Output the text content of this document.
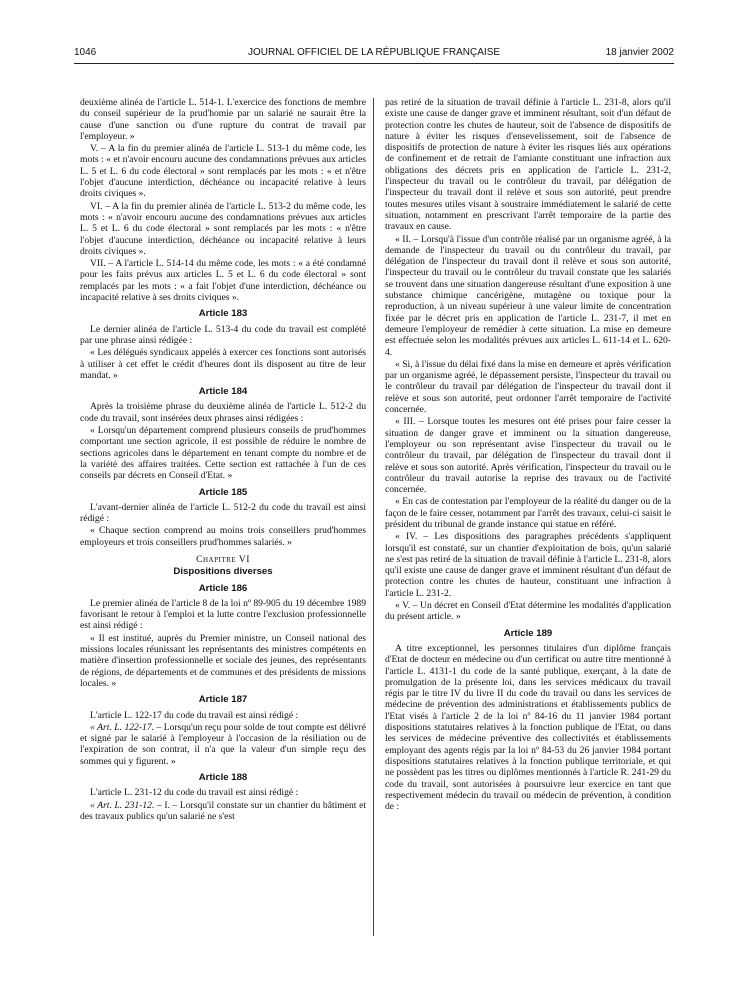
1046	JOURNAL OFFICIEL DE LA RÉPUBLIQUE FRANÇAISE	18 janvier 2002

deuxième alinéa de l'article L. 514-1. L'exercice des fonctions de membre du conseil supérieur de la prud'homie par un salarié ne saurait être la cause d'une sanction ou d'une rupture du contrat de travail par l'employeur. »

V. – A la fin du premier alinéa de l'article L. 513-1 du même code, les mots : « et n'avoir encouru aucune des condamnations prévues aux articles L. 5 et L. 6 du code électoral » sont remplacés par les mots : « et n'être l'objet d'aucune interdiction, déchéance ou incapacité relative à leurs droits civiques ».

VI. – A la fin du premier alinéa de l'article L. 513-2 du même code, les mots : « n'avoir encouru aucune des condamnations prévues aux articles L. 5 et L. 6 du code électoral » sont remplacés par les mots : « n'être l'objet d'aucune interdiction, déchéance ou incapacité relative à leurs droits civiques ».

VII. – A l'article L. 514-14 du même code, les mots : « a été condamné pour les faits prévus aux articles L. 5 et L. 6 du code électoral » sont remplacés par les mots : « a fait l'objet d'une interdiction, déchéance ou incapacité relative à ses droits civiques ».

Article 183

Le dernier alinéa de l'article L. 513-4 du code du travail est complété par une phrase ainsi rédigée :

« Les délégués syndicaux appelés à exercer ces fonctions sont autorisés à utiliser à cet effet le crédit d'heures dont ils disposent au titre de leur mandat. »

Article 184

Après la troisième phrase du deuxième alinéa de l'article L. 512-2 du code du travail, sont insérées deux phrases ainsi rédigées :

« Lorsqu'un département comprend plusieurs conseils de prud'hommes comportant une section agricole, il est possible de réduire le nombre de sections agricoles dans le département en tenant compte du nombre et de la variété des affaires traitées. Cette section est rattachée à l'un de ces conseils par décrets en Conseil d'Etat. »

Article 185

L'avant-dernier alinéa de l'article L. 512-2 du code du travail est ainsi rédigé :

« Chaque section comprend au moins trois conseillers prud'hommes employeurs et trois conseillers prud'hommes salariés. »

Chapitre VI
Dispositions diverses
Article 186

Le premier alinéa de l'article 8 de la loi nº 89-905 du 19 décembre 1989 favorisant le retour à l'emploi et la lutte contre l'exclusion professionnelle est ainsi rédigé :

« Il est institué, auprès du Premier ministre, un Conseil national des missions locales réunissant les représentants des ministres compétents en matière d'insertion professionnelle et sociale des jeunes, des représentants de régions, de départements et de communes et des présidents de missions locales. »

Article 187

L'article L. 122-17 du code du travail est ainsi rédigé :

« Art. L. 122-17. – Lorsqu'un reçu pour solde de tout compte est délivré et signé par le salarié à l'employeur à l'occasion de la résiliation ou de l'expiration de son contrat, il n'a que la valeur d'un simple reçu des sommes qui y figurent. »

Article 188

L'article L. 231-12 du code du travail est ainsi rédigé :

« Art. L. 231-12. – I. – Lorsqu'il constate sur un chantier du bâtiment et des travaux publics qu'un salarié ne s'est

pas retiré de la situation de travail définie à l'article L. 231-8, alors qu'il existe une cause de danger grave et imminent résultant, soit d'un défaut de protection contre les chutes de hauteur, soit de l'absence de dispositifs de nature à éviter les risques d'ensevelissement, soit de l'absence de dispositifs de protection de nature à éviter les risques liés aux opérations de confinement et de retrait de l'amiante constituant une infraction aux obligations des décrets pris en application de l'article L. 231-2, l'inspecteur du travail ou le contrôleur du travail, par délégation de l'inspecteur du travail dont il relève et sous son autorité, peut prendre toutes mesures utiles visant à soustraire immédiatement le salarié de cette situation, notamment en prescrivant l'arrêt temporaire de la partie des travaux en cause.

« II. – Lorsqu'à l'issue d'un contrôle réalisé par un organisme agréé, à la demande de l'inspecteur du travail ou du contrôleur du travail, par délégation de l'inspecteur du travail dont il relève et sous son autorité, l'inspecteur du travail ou le contrôleur du travail constate que les salariés se trouvent dans une situation dangereuse résultant d'une exposition à une substance chimique cancérigène, mutagène ou toxique pour la reproduction, à un niveau supérieur à une valeur limite de concentration fixée par le décret pris en application de l'article L. 231-7, il met en demeure l'employeur de remédier à cette situation. La mise en demeure est effectuée selon les modalités prévues aux articles L. 611-14 et L. 620-4.

« Si, à l'issue du délai fixé dans la mise en demeure et après vérification par un organisme agréé, le dépassement persiste, l'inspecteur du travail ou le contrôleur du travail par délégation de l'inspecteur du travail dont il relève et sous son autorité, peut ordonner l'arrêt temporaire de l'activité concernée.

« III. – Lorsque toutes les mesures ont été prises pour faire cesser la situation de danger grave et imminent ou la situation dangereuse, l'employeur ou son représentant avise l'inspecteur du travail ou le contrôleur du travail, par délégation de l'inspecteur du travail dont il relève et sous son autorité. Après vérification, l'inspecteur du travail ou le contrôleur du travail autorise la reprise des travaux ou de l'activité concernée.

« En cas de contestation par l'employeur de la réalité du danger ou de la façon de le faire cesser, notamment par l'arrêt des travaux, celui-ci saisit le président du tribunal de grande instance qui statue en référé.

« IV. – Les dispositions des paragraphes précédents s'appliquent lorsqu'il est constaté, sur un chantier d'exploitation de bois, qu'un salarié ne s'est pas retiré de la situation de travail définie à l'article L. 231-8, alors qu'il existe une cause de danger grave et imminent résultant d'un défaut de protection contre les chutes de hauteur, constituant une infraction à l'article L. 231-2.

« V. – Un décret en Conseil d'Etat détermine les modalités d'application du présent article. »

Article 189

A titre exceptionnel, les personnes titulaires d'un diplôme français d'Etat de docteur en médecine ou d'un certificat ou autre titre mentionné à l'article L. 4131-1 du code de la santé publique, exerçant, à la date de promulgation de la présente loi, dans les services médicaux du travail régis par le titre IV du livre II du code du travail ou dans les services de médecine de prévention des administrations et établissements publics de l'Etat visés à l'article 2 de la loi nº 84-16 du 11 janvier 1984 portant dispositions statutaires relatives à la fonction publique de l'Etat, ou dans les services de médecine préventive des collectivités et établissements employant des agents régis par la loi nº 84-53 du 26 janvier 1984 portant dispositions statutaires relatives à la fonction publique territoriale, et qui ne possèdent pas les titres ou diplômes mentionnés à l'article R. 241-29 du code du travail, sont autorisées à poursuivre leur exercice en tant que respectivement médecin du travail ou médecin de prévention, à condition de :
